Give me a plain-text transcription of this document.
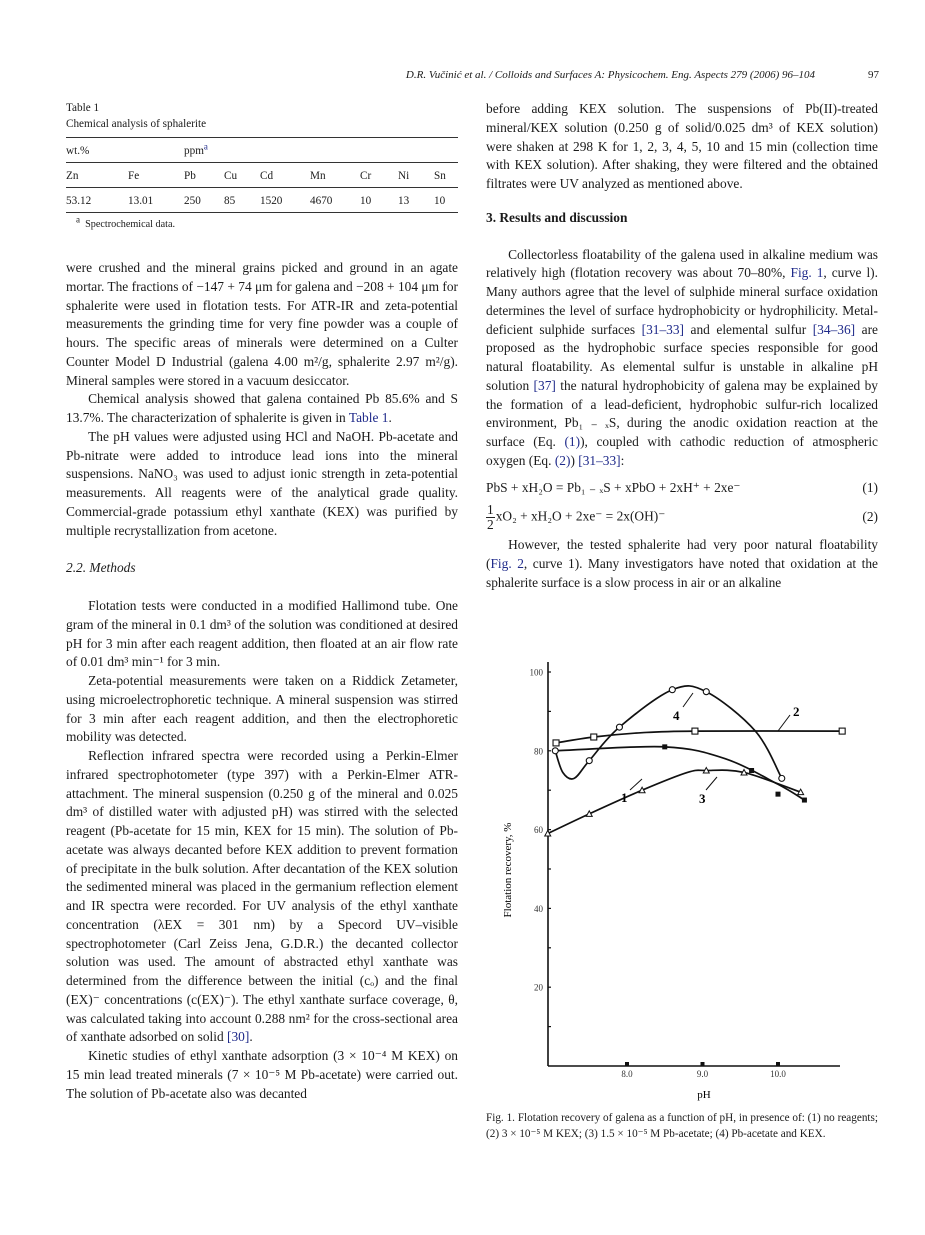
D.R. Vučinić et al. / Colloids and Surfaces A: Physicochem. Eng. Aspects 279 (2006) 96–104	97
Table 1
Chemical analysis of sphalerite
wt.%		ppm$^a$						
Zn	Fe	Pb	Cu	Cd	Mn	Cr	Ni	Sn
53.12	13.01	250	85	1520	4670	10	13	10
$^a$ Spectrochemical data.

were crushed and the mineral grains picked and ground in an agate mortar. The fractions of −147 + 74 μm for galena and −208 + 104 μm for sphalerite were used in flotation tests. For ATR-IR and zeta-potential measurements the grinding time for very fine powder was a couple of hours. The specific areas of minerals were determined on a Culter Counter Model D Industrial (galena 4.00 m²/g, sphalerite 2.97 m²/g). Mineral samples were stored in a vacuum desiccator.

Chemical analysis showed that galena contained Pb 85.6% and S 13.7%. The characterization of sphalerite is given in Table 1.

The pH values were adjusted using HCl and NaOH. Pb-acetate and Pb-nitrate were added to introduce lead ions into the mineral suspensions. NaNO₃ was used to adjust ionic strength in zeta-potential measurements. All reagents were of the analytical grade quality. Commercial-grade potassium ethyl xanthate (KEX) was purified by multiple recrystallization from acetone.

2.2. Methods

Flotation tests were conducted in a modified Hallimond tube. One gram of the mineral in 0.1 dm³ of the solution was conditioned at desired pH for 3 min after each reagent addition, then floated at an air flow rate of 0.01 dm³ min⁻¹ for 3 min.

Zeta-potential measurements were taken on a Riddick Zetameter, using microelectrophoretic technique. A mineral suspension was stirred for 3 min after each reagent addition, and then the electrophoretic mobility was detected.

Reflection infrared spectra were recorded using a Perkin-Elmer infrared spectrophotometer (type 397) with a Perkin-Elmer ATR-attachment. The mineral suspension (0.250 g of the mineral and 0.025 dm³ of distilled water with adjusted pH) was stirred with the selected reagent (Pb-acetate for 15 min, KEX for 15 min). The solution of Pb-acetate was always decanted before KEX addition to prevent formation of precipitate in the bulk solution. After decantation of the KEX solution the sedimented mineral was placed in the germanium reflection element and IR spectra were recorded. For UV analysis of the ethyl xanthate concentration (λEX = 301 nm) by a Specord UV–visible spectrophotometer (Carl Zeiss Jena, G.D.R.) the decanted collector solution was used. The amount of abstracted ethyl xanthate was determined from the difference between the initial (cₒ) and the final (EX)⁻ concentrations (c(EX)⁻). The ethyl xanthate surface coverage, θ, was calculated taking into account 0.288 nm² for the cross-sectional area of xanthate adsorbed on solid [30].

Kinetic studies of ethyl xanthate adsorption (3 × 10⁻⁴ M KEX) on 15 min lead treated minerals (7 × 10⁻⁵ M Pb-acetate) were carried out. The solution of Pb-acetate also was decanted

before adding KEX solution. The suspensions of Pb(II)-treated mineral/KEX solution (0.250 g of solid/0.025 dm³ of KEX solution) were shaken at 298 K for 1, 2, 3, 4, 5, 10 and 15 min (collection time with KEX solution). After shaking, they were filtered and the obtained filtrates were UV analyzed as mentioned above.

3. Results and discussion

Collectorless floatability of the galena used in alkaline medium was relatively high (flotation recovery was about 70–80%, Fig. 1, curve l). Many authors agree that the level of sulphide mineral surface oxidation determines the level of surface hydrophobicity or hydrophilicity. Metal-deficient sulphide surfaces [31–33] and elemental sulfur [34–36] are proposed as the hydrophobic surface species responsible for good natural floatability. As elemental sulfur is unstable in alkaline pH solution [37] the natural hydrophobicity of galena may be explained by the formation of a lead-deficient, hydrophobic sulfur-rich localized environment, Pb₁ ₋ ₓS, during the anodic oxidation reaction at the surface (Eq. (1)), coupled with cathodic reduction of atmospheric oxygen (Eq. (2)) [31–33]:

PbS + xH₂O = Pb₁ ₋ ₓS + xPbO + 2xH⁺ + 2xe⁻	(1)
$\frac{1}{2} xO_2 + xH_2O + 2xe^- = 2x(OH)^-$	(2)

However, the tested sphalerite had very poor natural floatability (Fig. 2, curve 1). Many investigators have noted that oxidation at the sphalerite surface is a slow process in air or an alkaline

20
40
60
80
100
8.0	9.0	10.0
1
2
3
4
Flotation recovery, %
pH
Fig. 1. Flotation recovery of galena as a function of pH, in presence of: (1) no reagents; (2) 3 × 10⁻⁵ M KEX; (3) 1.5 × 10⁻⁵ M Pb-acetate; (4) Pb-acetate and KEX.
